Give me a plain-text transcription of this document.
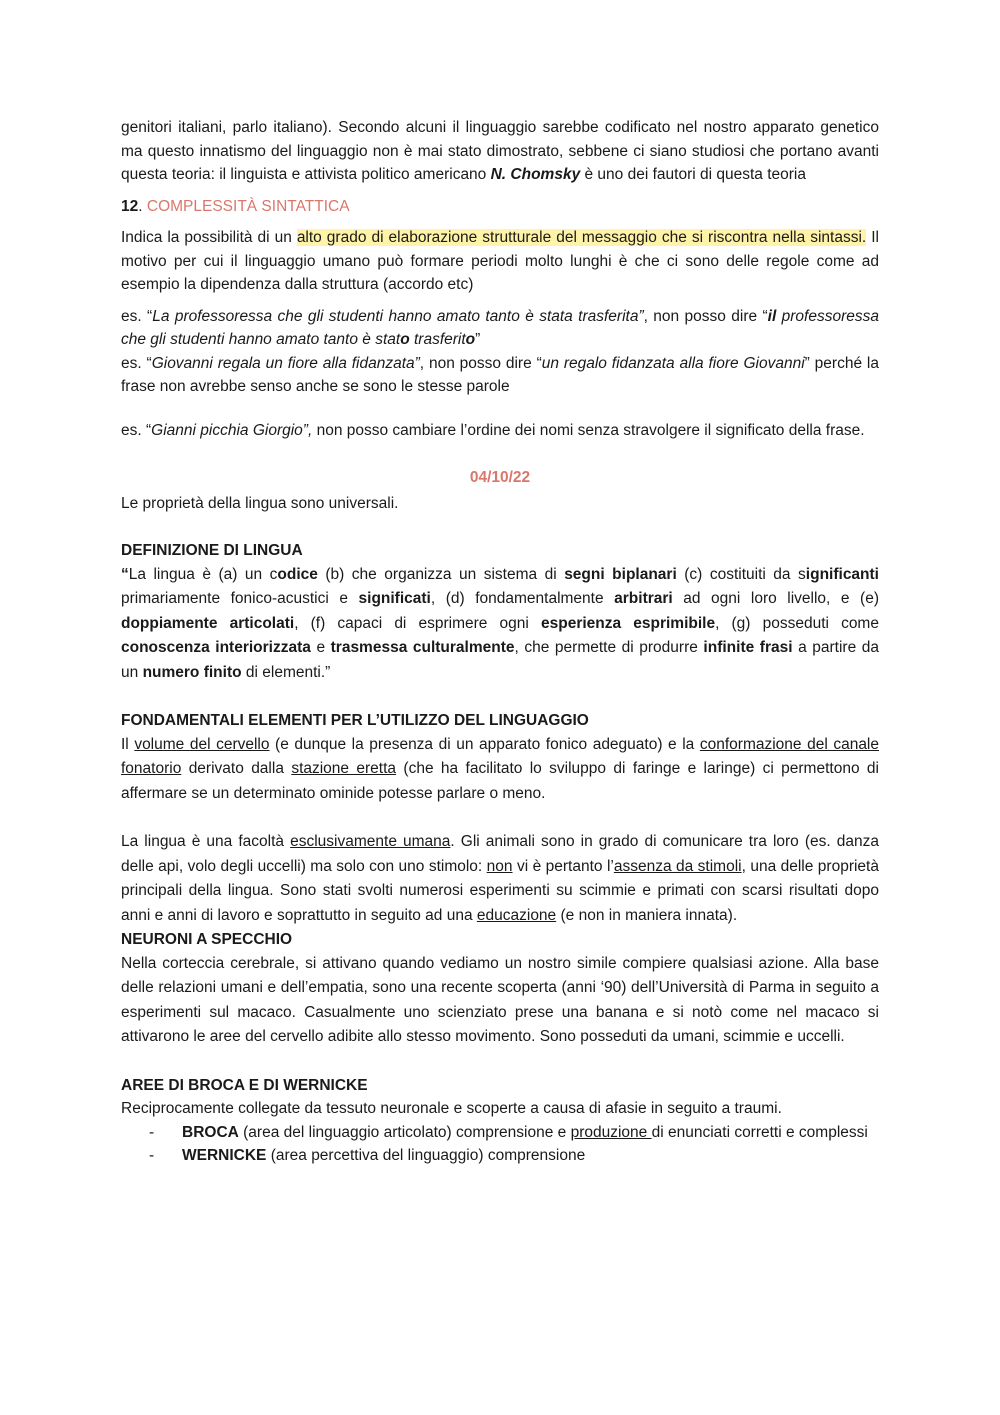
genitori italiani, parlo italiano). Secondo alcuni il linguaggio sarebbe codificato nel nostro apparato genetico ma questo innatismo del linguaggio non è mai stato dimostrato, sebbene ci siano studiosi che portano avanti questa teoria: il linguista e attivista politico americano N. Chomsky è uno dei fautori di questa teoria

12. COMPLESSITÀ SINTATTICA

Indica la possibilità di un alto grado di elaborazione strutturale del messaggio che si riscontra nella sintassi. Il motivo per cui il linguaggio umano può formare periodi molto lunghi è che ci sono delle regole come ad esempio la dipendenza dalla struttura (accordo etc)

es. “La professoressa che gli studenti hanno amato tanto è stata trasferita”, non posso dire “il professoressa che gli studenti hanno amato tanto è stato trasferito”

es. “Giovanni regala un fiore alla fidanzata”, non posso dire “un regalo fidanzata alla fiore Giovanni” perché la frase non avrebbe senso anche se sono le stesse parole

es. “Gianni picchia Giorgio”, non posso cambiare l’ordine dei nomi senza stravolgere il significato della frase.

04/10/22

Le proprietà della lingua sono universali.

DEFINIZIONE DI LINGUA

“La lingua è (a) un codice (b) che organizza un sistema di segni biplanari (c) costituiti da significanti primariamente fonico-acustici e significati, (d) fondamentalmente arbitrari ad ogni loro livello, e (e) doppiamente articolati, (f) capaci di esprimere ogni esperienza esprimibile, (g) posseduti come conoscenza interiorizzata e trasmessa culturalmente, che permette di produrre infinite frasi a partire da un numero finito di elementi.”

FONDAMENTALI ELEMENTI PER L’UTILIZZO DEL LINGUAGGIO

Il volume del cervello (e dunque la presenza di un apparato fonico adeguato) e la conformazione del canale fonatorio derivato dalla stazione eretta (che ha facilitato lo sviluppo di faringe e laringe) ci permettono di affermare se un determinato ominide potesse parlare o meno.

La lingua è una facoltà esclusivamente umana. Gli animali sono in grado di comunicare tra loro (es. danza delle api, volo degli uccelli) ma solo con uno stimolo: non vi è pertanto l’assenza da stimoli, una delle proprietà principali della lingua. Sono stati svolti numerosi esperimenti su scimmie e primati con scarsi risultati dopo anni e anni di lavoro e soprattutto in seguito ad una educazione (e non in maniera innata).

NEURONI A SPECCHIO

Nella corteccia cerebrale, si attivano quando vediamo un nostro simile compiere qualsiasi azione. Alla base delle relazioni umani e dell’empatia, sono una recente scoperta (anni ‘90) dell’Università di Parma in seguito a esperimenti sul macaco. Casualmente uno scienziato prese una banana e si notò come nel macaco si attivarono le aree del cervello adibite allo stesso movimento. Sono posseduti da umani, scimmie e uccelli.

AREE DI BROCA E DI WERNICKE

Reciprocamente collegate da tessuto neuronale e scoperte a causa di afasie in seguito a traumi.

- BROCA (area del linguaggio articolato) comprensione e produzione di enunciati corretti e complessi
- WERNICKE (area percettiva del linguaggio) comprensione
